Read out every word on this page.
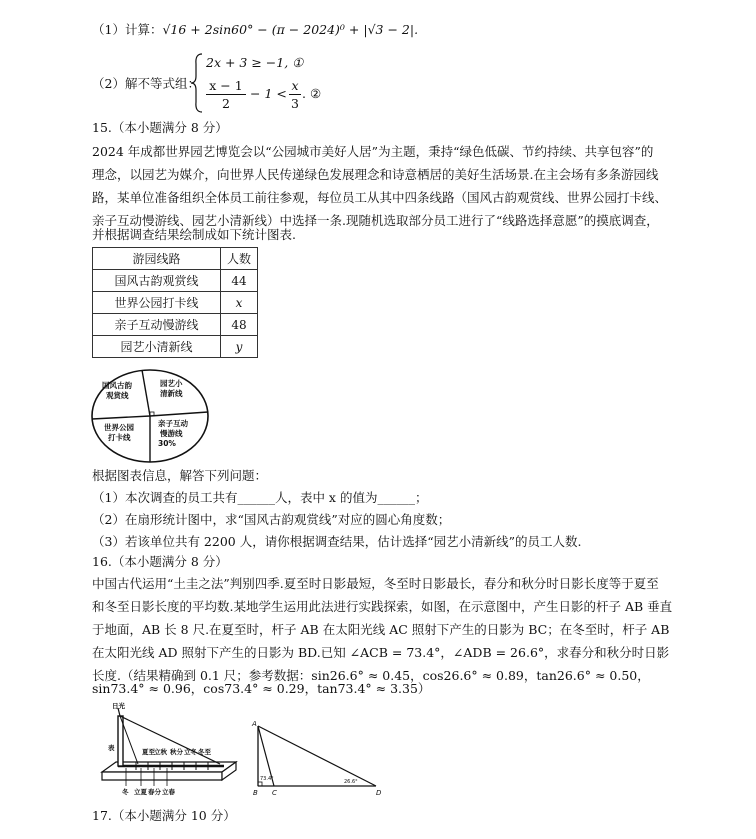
（1）计算：√16 + 2sin60° − (π − 2024)⁰ + |√3 − 2|.
（2）解不等式组：
2x + 3 ≥ −1, ①
x − 1
2
− 1 <
x
3
. ②
15.（本小题满分 8 分）
2024 年成都世界园艺博览会以“公园城市美好人居”为主题，秉持“绿色低碳、节约持续、共享包容”的
理念，以园艺为媒介，向世界人民传递绿色发展理念和诗意栖居的美好生活场景.在主会场有多条游园线
路，某单位准备组织全体员工前往参观，每位员工从其中四条线路（国风古韵观赏线、世界公园打卡线、
亲子互动慢游线、园艺小清新线）中选择一条.现随机选取部分员工进行了“线路选择意愿”的摸底调查，
并根据调查结果绘制成如下统计图表.
游园线路	人数
国风古韵观赏线	44
世界公园打卡线	x
亲子互动慢游线	48
园艺小清新线	y
国风古韵
观赏线
园艺小
清新线
亲子互动
慢游线
30%
世界公园
打卡线
根据图表信息，解答下列问题：
（1）本次调查的员工共有______人，表中 x 的值为______；
（2）在扇形统计图中，求“国风古韵观赏线”对应的圆心角度数；
（3）若该单位共有 2200 人，请你根据调查结果，估计选择“园艺小清新线”的员工人数.
16.（本小题满分 8 分）
中国古代运用“土圭之法”判别四季.夏至时日影最短，冬至时日影最长，春分和秋分时日影长度等于夏至
和冬至日影长度的平均数.某地学生运用此法进行实践探索，如图，在示意图中，产生日影的杆子 AB 垂直
于地面，AB 长 8 尺.在夏至时，杆子 AB 在太阳光线 AC 照射下产生的日影为 BC；在冬至时，杆子 AB
在太阳光线 AD 照射下产生的日影为 BD.已知 ∠ACB = 73.4°，∠ADB = 26.6°，求春分和秋分时日影
长度.（结果精确到 0.1 尺；参考数据：sin26.6° ≈ 0.45，cos26.6° ≈ 0.89，tan26.6° ≈ 0.50，
sin73.4° ≈ 0.96，cos73.4° ≈ 0.29，tan73.4° ≈ 3.35）
日光
表	夏至 立秋 秋分 立冬 冬至
冬 立夏 春分 立春
A
B C	D
73.4°	26.6°
17.（本小题满分 10 分）
